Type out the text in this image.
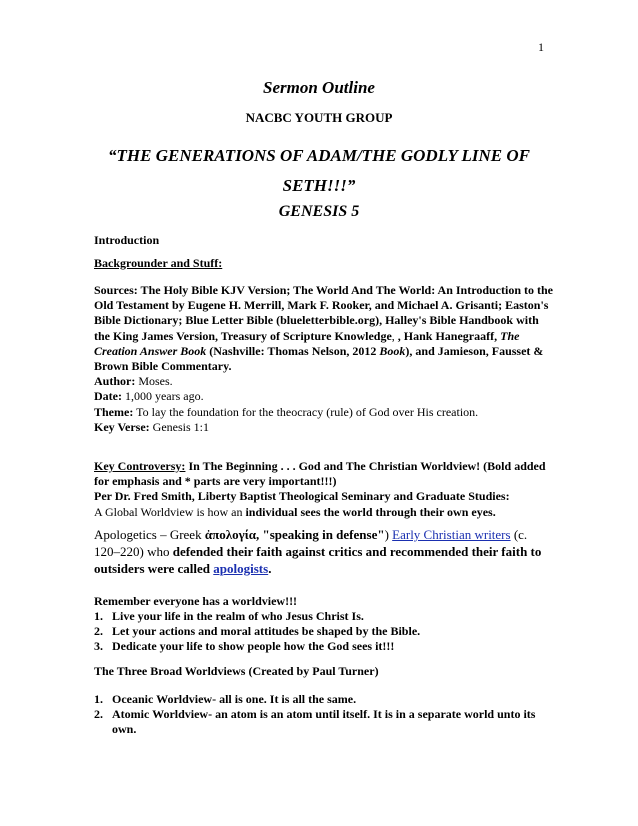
1
Sermon Outline
NACBC YOUTH GROUP
“THE GENERATIONS OF ADAM/THE GODLY LINE OF
SETH!!!”
GENESIS 5
Introduction
Backgrounder and Stuff:
Sources: The Holy Bible KJV Version; The World And The World: An Introduction to the Old Testament by Eugene H. Merrill, Mark F. Rooker, and Michael A. Grisanti; Easton's Bible Dictionary; Blue Letter Bible (blueletterbible.org), Halley's Bible Handbook with the King James Version, Treasury of Scripture Knowledge, , Hank Hanegraaff, The Creation Answer Book (Nashville: Thomas Nelson, 2012 Book), and Jamieson, Fausset & Brown Bible Commentary.
Author: Moses.
Date: 1,000 years ago.
Theme: To lay the foundation for the theocracy (rule) of God over His creation.
Key Verse: Genesis 1:1
Key Controversy: In The Beginning . . . God and The Christian Worldview! (Bold added for emphasis and * parts are very important!!!)
Per Dr. Fred Smith, Liberty Baptist Theological Seminary and Graduate Studies:
A Global Worldview is how an individual sees the world through their own eyes.
Apologetics – Greek ἀπολογία, "speaking in defense") Early Christian writers (c. 120–220) who defended their faith against critics and recommended their faith to outsiders were called apologists.
Remember everyone has a worldview!!!
1. Live your life in the realm of who Jesus Christ Is.
2. Let your actions and moral attitudes be shaped by the Bible.
3. Dedicate your life to show people how the God sees it!!!
The Three Broad Worldviews (Created by Paul Turner)
1. Oceanic Worldview- all is one. It is all the same.
2. Atomic Worldview- an atom is an atom until itself. It is in a separate world unto its own.
